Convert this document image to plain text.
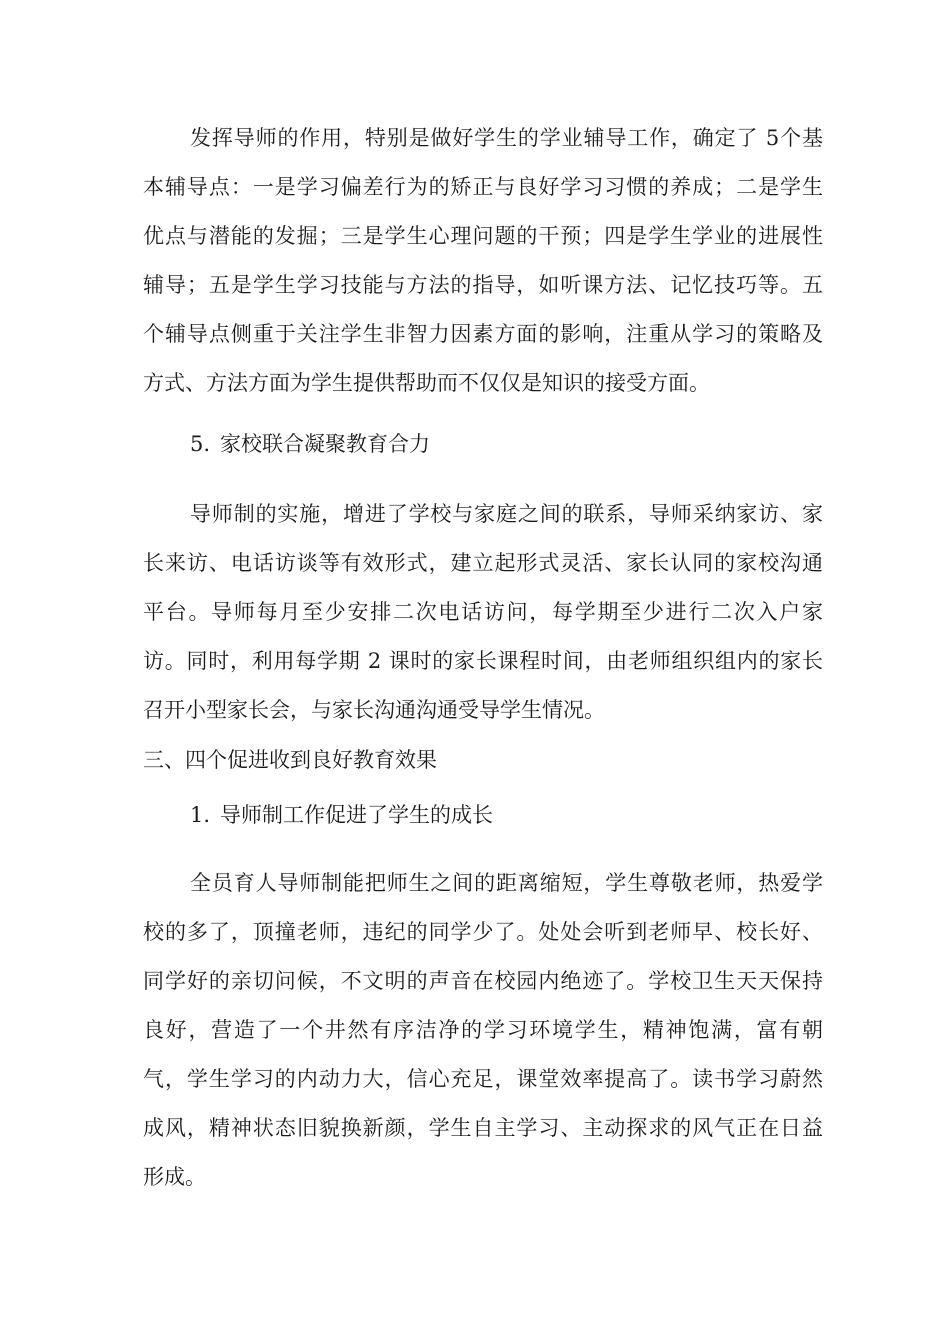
发挥导师的作用，特别是做好学生的学业辅导工作，确定了 5个基
本辅导点：一是学习偏差行为的矫正与良好学习习惯的养成；二是学生
优点与潜能的发掘；三是学生心理问题的干预；四是学生学业的进展性
辅导；五是学生学习技能与方法的指导，如听课方法、记忆技巧等。五
个辅导点侧重于关注学生非智力因素方面的影响，注重从学习的策略及
方式、方法方面为学生提供帮助而不仅仅是知识的接受方面。
5. 家校联合凝聚教育合力
导师制的实施，增进了学校与家庭之间的联系，导师采纳家访、家
长来访、电话访谈等有效形式，建立起形式灵活、家长认同的家校沟通
平台。导师每月至少安排二次电话访问，每学期至少进行二次入户家
访。同时，利用每学期 2 课时的家长课程时间，由老师组织组内的家长
召开小型家长会，与家长沟通沟通受导学生情况。
三、四个促进收到良好教育效果
1. 导师制工作促进了学生的成长
全员育人导师制能把师生之间的距离缩短，学生尊敬老师，热爱学
校的多了，顶撞老师，违纪的同学少了。处处会听到老师早、校长好、
同学好的亲切问候，不文明的声音在校园内绝迹了。学校卫生天天保持
良好，营造了一个井然有序洁净的学习环境学生，精神饱满，富有朝
气，学生学习的内动力大，信心充足，课堂效率提高了。读书学习蔚然
成风，精神状态旧貌换新颜，学生自主学习、主动探求的风气正在日益
形成。
